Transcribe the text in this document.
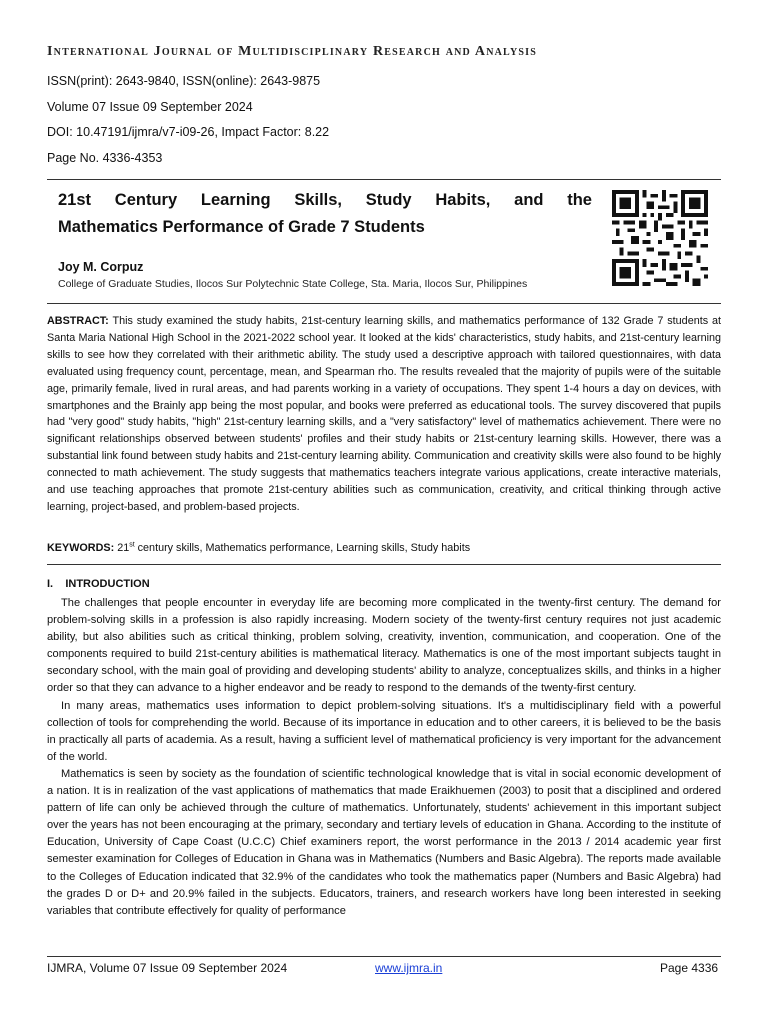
International Journal of Multidisciplinary Research and Analysis
ISSN(print): 2643-9840, ISSN(online): 2643-9875
Volume 07 Issue 09 September 2024
DOI: 10.47191/ijmra/v7-i09-26, Impact Factor: 8.22
Page No. 4336-4353
21st Century Learning Skills, Study Habits, and the
Mathematics Performance of Grade 7 Students
Joy M. Corpuz
College of Graduate Studies, Ilocos Sur Polytechnic State College, Sta. Maria, Ilocos Sur, Philippines
ABSTRACT: This study examined the study habits, 21st-century learning skills, and mathematics performance of 132 Grade 7 students at Santa Maria National High School in the 2021-2022 school year. It looked at the kids' characteristics, study habits, and 21st-century learning skills to see how they correlated with their arithmetic ability. The study used a descriptive approach with tailored questionnaires, with data evaluated using frequency count, percentage, mean, and Spearman rho. The results revealed that the majority of pupils were of the suitable age, primarily female, lived in rural areas, and had parents working in a variety of occupations. They spent 1-4 hours a day on devices, with smartphones and the Brainly app being the most popular, and books were preferred as educational tools. The survey discovered that pupils had "very good" study habits, "high" 21st-century learning skills, and a "very satisfactory" level of mathematics achievement. There were no significant relationships observed between students' profiles and their study habits or 21st-century learning skills. However, there was a substantial link found between study habits and 21st-century learning ability. Communication and creativity skills were also found to be highly connected to math achievement. The study suggests that mathematics teachers integrate various applications, create interactive materials, and use teaching approaches that promote 21st-century abilities such as communication, creativity, and critical thinking through active learning, project-based, and problem-based projects.
KEYWORDS: 21st century skills, Mathematics performance, Learning skills, Study habits
I.    INTRODUCTION

The challenges that people encounter in everyday life are becoming more complicated in the twenty-first century. The demand for problem-solving skills in a profession is also rapidly increasing. Modern society of the twenty-first century requires not just academic ability, but also abilities such as critical thinking, problem solving, creativity, invention, communication, and cooperation. One of the components required to build 21st-century abilities is mathematical literacy. Mathematics is one of the most important subjects taught in secondary school, with the main goal of providing and developing students' ability to analyze, conceptualizes skills, and thinks in a higher order so that they can advance to a higher endeavor and be ready to respond to the demands of the twenty-first century.

In many areas, mathematics uses information to depict problem-solving situations. It's a multidisciplinary field with a powerful collection of tools for comprehending the world. Because of its importance in education and to other careers, it is believed to be the basis in practically all parts of academia. As a result, having a sufficient level of mathematical proficiency is very important for the advancement of the world.

Mathematics is seen by society as the foundation of scientific technological knowledge that is vital in social economic development of a nation. It is in realization of the vast applications of mathematics that made Eraikhuemen (2003) to posit that a disciplined and ordered pattern of life can only be achieved through the culture of mathematics. Unfortunately, students' achievement in this important subject over the years has not been encouraging at the primary, secondary and tertiary levels of education in Ghana. According to the institute of Education, University of Cape Coast (U.C.C) Chief examiners report, the worst performance in the 2013 / 2014 academic year first semester examination for Colleges of Education in Ghana was in Mathematics (Numbers and Basic Algebra). The reports made available to the Colleges of Education indicated that 32.9% of the candidates who took the mathematics paper (Numbers and Basic Algebra) had the grades D or D+ and 20.9% failed in the subjects. Educators, trainers, and research workers have long been interested in seeking variables that contribute effectively for quality of performance

IJMRA, Volume 07 Issue 09 September 2024	www.ijmra.in	Page 4336
